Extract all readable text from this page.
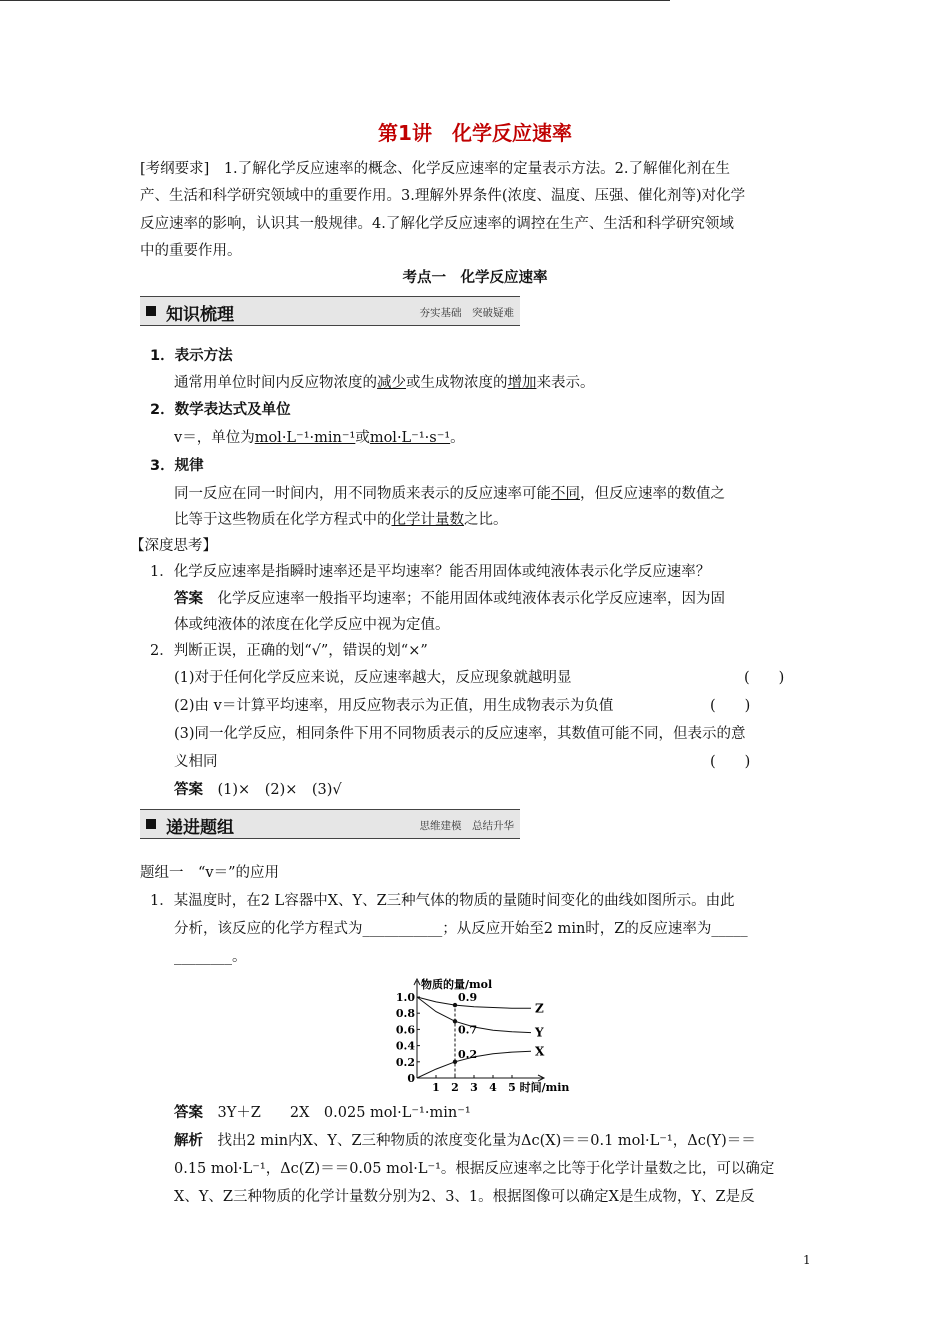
第1讲　化学反应速率
[考纲要求]　1.了解化学反应速率的概念、化学反应速率的定量表示方法。2.了解催化剂在生
产、生活和科学研究领域中的重要作用。3.理解外界条件(浓度、温度、压强、催化剂等)对化学
反应速率的影响，认识其一般规律。4.了解化学反应速率的调控在生产、生活和科学研究领域
中的重要作用。
考点一　化学反应速率
知识梳理	夯实基础　突破疑难
1．表示方法
通常用单位时间内反应物浓度的减少或生成物浓度的增加来表示。
2．数学表达式及单位
v＝，单位为mol·L⁻¹·min⁻¹或mol·L⁻¹·s⁻¹。
3．规律
同一反应在同一时间内，用不同物质来表示的反应速率可能不同，但反应速率的数值之
比等于这些物质在化学方程式中的化学计量数之比。
【深度思考】
1．化学反应速率是指瞬时速率还是平均速率？能否用固体或纯液体表示化学反应速率？
答案　化学反应速率一般指平均速率；不能用固体或纯液体表示化学反应速率，因为固
体或纯液体的浓度在化学反应中视为定值。
2．判断正误，正确的划“√”，错误的划“×”
(1)对于任何化学反应来说，反应速率越大，反应现象就越明显	(　　)
(2)由 v＝计算平均速率，用反应物表示为正值，用生成物表示为负值	(　　)
(3)同一化学反应，相同条件下用不同物质表示的反应速率，其数值可能不同，但表示的意
义相同	(　　)
答案　(1)×　(2)×　(3)√
递进题组	思维建模　总结升华
题组一　“v＝”的应用
1．某温度时，在2 L容器中X、Y、Z三种气体的物质的量随时间变化的曲线如图所示。由此
分析，该反应的化学方程式为___________；从反应开始至2 min时，Z的反应速率为_____
________。
物质的量/mol
时间/min
1.0
0.8
0.6
0.4
0.2
0
1 2 3 4 5
Z
Y
X
0.9
0.7
0.2
答案　3Y＋Z　　2X　0.025 mol·L⁻¹·min⁻¹
解析　找出2 min内X、Y、Z三种物质的浓度变化量为Δc(X)＝＝0.1 mol·L⁻¹，Δc(Y)＝＝
0.15 mol·L⁻¹，Δc(Z)＝＝0.05 mol·L⁻¹。根据反应速率之比等于化学计量数之比，可以确定
X、Y、Z三种物质的化学计量数分别为2、3、1。根据图像可以确定X是生成物，Y、Z是反
1
